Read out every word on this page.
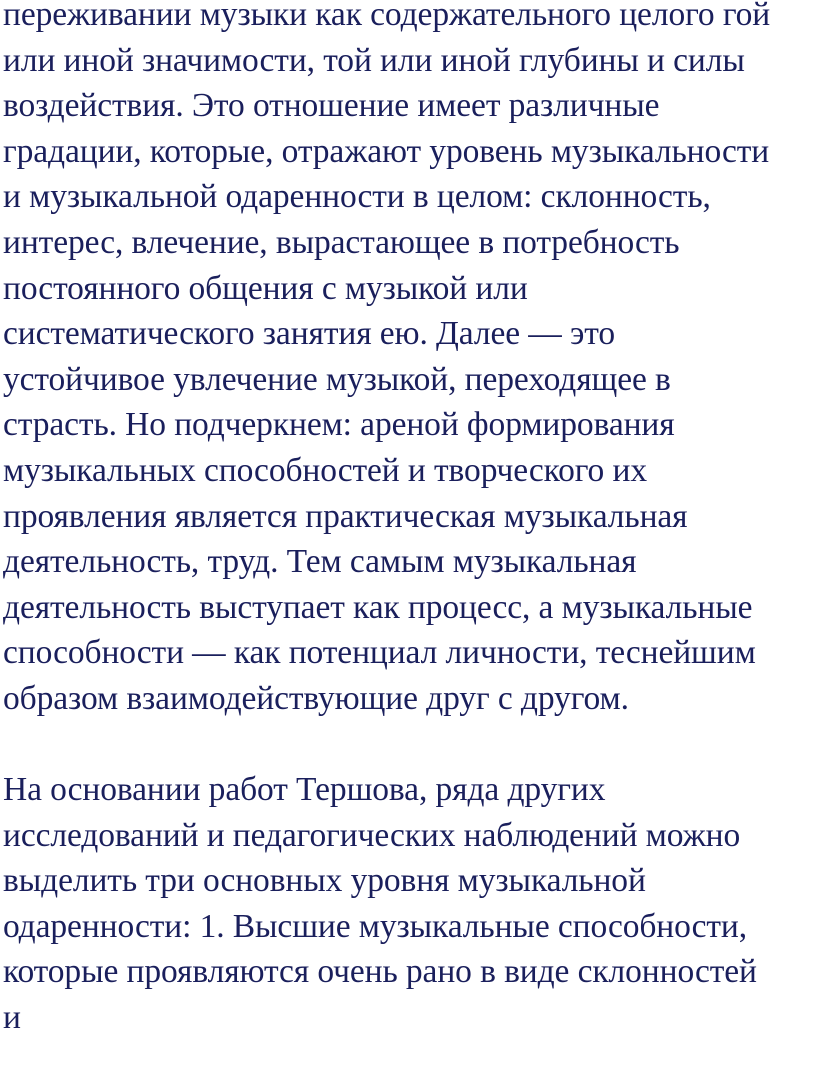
переживании музыки как содержательного целого гой
или иной значимости, той или иной глубины и силы
воздействия. Это отношение имеет различные
градации, которые, отражают уровень музыкальности
и музыкальной одаренности в целом: склонность,
интерес, влечение, вырастающее в потребность
постоянного общения с музыкой или
систематического занятия ею. Далее — это
устойчивое увлечение музыкой, переходящее в
страсть. Но подчеркнем: ареной формирования
музыкальных способностей и творческого их
проявления является практическая музыкальная
деятельность, труд. Тем самым музыкальная
деятельность выступает как процесс, а музыкальные
способности — как потенциал личности, теснейшим
образом взаимодействующие друг с другом.
На основании работ Тершова, ряда других
исследований и педагогических наблюдений можно
выделить три основных уровня музыкальной
одаренности: 1. Высшие музыкальные способности,
которые проявляются очень рано в виде склонностей
и
